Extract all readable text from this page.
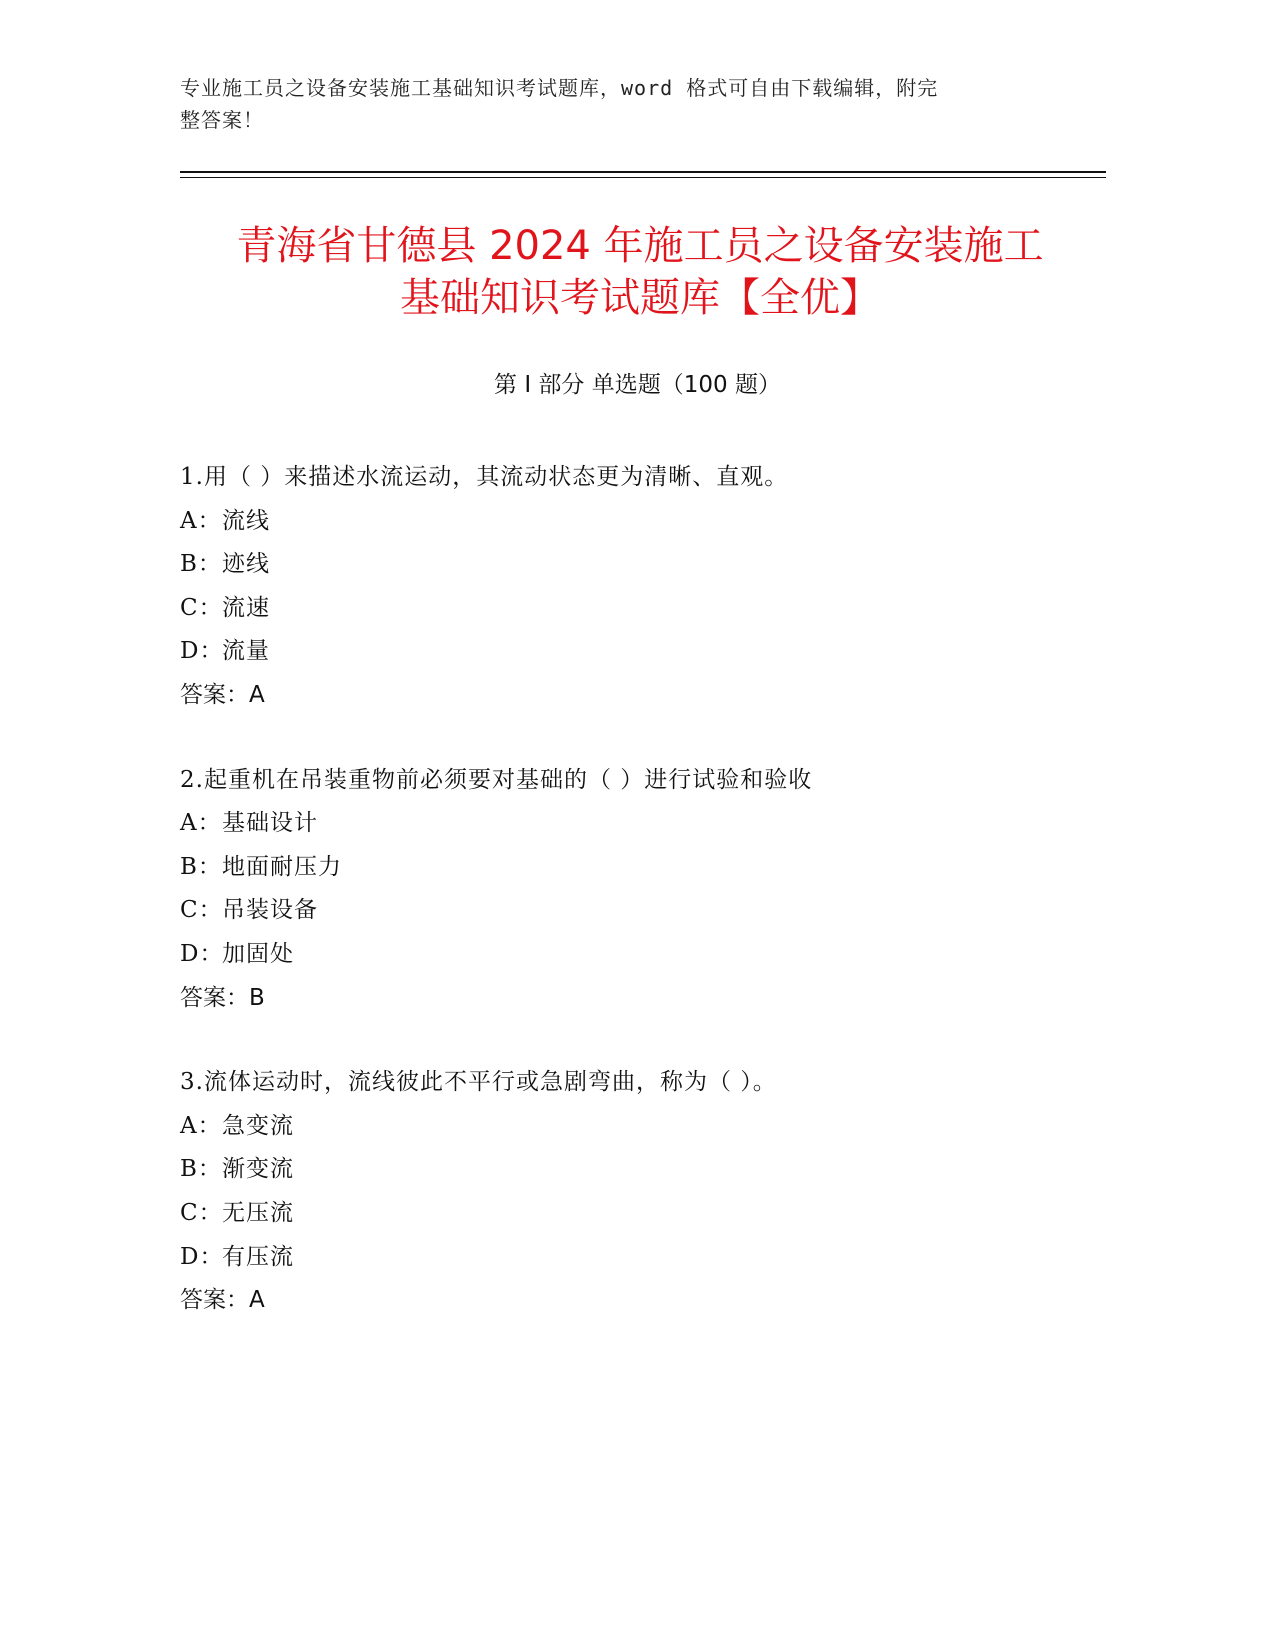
专业施工员之设备安装施工基础知识考试题库，word 格式可自由下载编辑，附完
整答案！
青海省甘德县 2024 年施工员之设备安装施工
基础知识考试题库【全优】
第 I 部分 单选题（100 题）
1.用（ ）来描述水流运动，其流动状态更为清晰、直观。
A：流线
B：迹线
C：流速
D：流量
答案：A
2.起重机在吊装重物前必须要对基础的（ ）进行试验和验收
A：基础设计
B：地面耐压力
C：吊装设备
D：加固处
答案：B
3.流体运动时，流线彼此不平行或急剧弯曲，称为（ ）。
A：急变流
B：渐变流
C：无压流
D：有压流
答案：A
